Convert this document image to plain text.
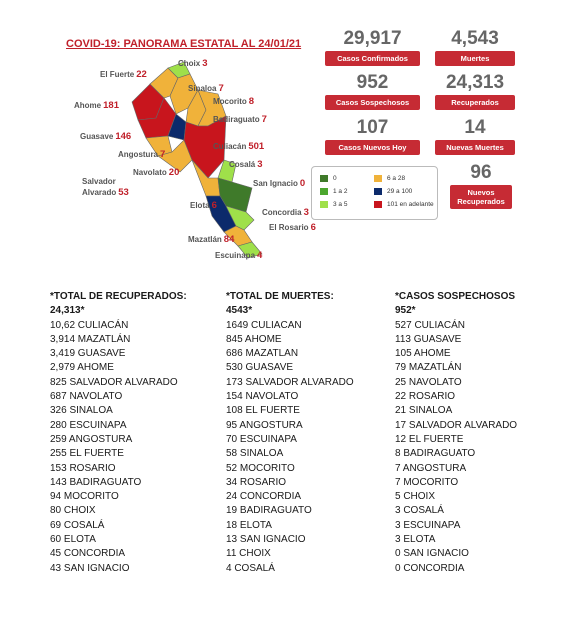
COVID-19: PANORAMA ESTATAL AL 24/01/21
Choix 3
El Fuerte 22
Sinaloa 7
Mocorito 8
Ahome 181
Badiraguato 7
Guasave 146
Culiacán 501
Angostura 7
Cosalá 3
Navolato 20
San Ignacio 0
Salvador
Alvarado 53
Elota 6
Concordia 3
El Rosario 6
Mazatlán 84
Escuinapa 4
29,917
Casos Confirmados
4,543
Muertes
952
Casos Sospechosos
24,313
Recuperados
107
Casos Nuevos Hoy
14
Nuevas Muertes
96
Nuevos Recuperados
0	6 a 28
1 a 2	29 a 100
3 a 5	101 en adelante
*TOTAL DE RECUPERADOS:
24,313*
10,62 CULIACÁN
3,914 MAZATLÁN
3,419 GUASAVE
2,979 AHOME
825 SALVADOR ALVARADO
687 NAVOLATO
326 SINALOA
280 ESCUINAPA
259 ANGOSTURA
255 EL FUERTE
153 ROSARIO
143 BADIRAGUATO
94 MOCORITO
80 CHOIX
69 COSALÁ
60 ELOTA
45 CONCORDIA
43 SAN IGNACIO
*TOTAL DE MUERTES:
4543*
1649 CULIACAN
845 AHOME
686 MAZATLAN
530 GUASAVE
173 SALVADOR ALVARADO
154 NAVOLATO
108 EL FUERTE
95 ANGOSTURA
70 ESCUINAPA
58 SINALOA
52 MOCORITO
34 ROSARIO
24 CONCORDIA
19 BADIRAGUATO
18 ELOTA
13 SAN IGNACIO
11 CHOIX
4 COSALÁ
*CASOS SOSPECHOSOS
952*
527 CULIACÁN
113 GUASAVE
105 AHOME
79 MAZATLÁN
25 NAVOLATO
22 ROSARIO
21 SINALOA
17 SALVADOR ALVARADO
12 EL FUERTE
8 BADIRAGUATO
7 ANGOSTURA
7 MOCORITO
5 CHOIX
3 COSALÁ
3 ESCUINAPA
3 ELOTA
0 SAN IGNACIO
0 CONCORDIA
